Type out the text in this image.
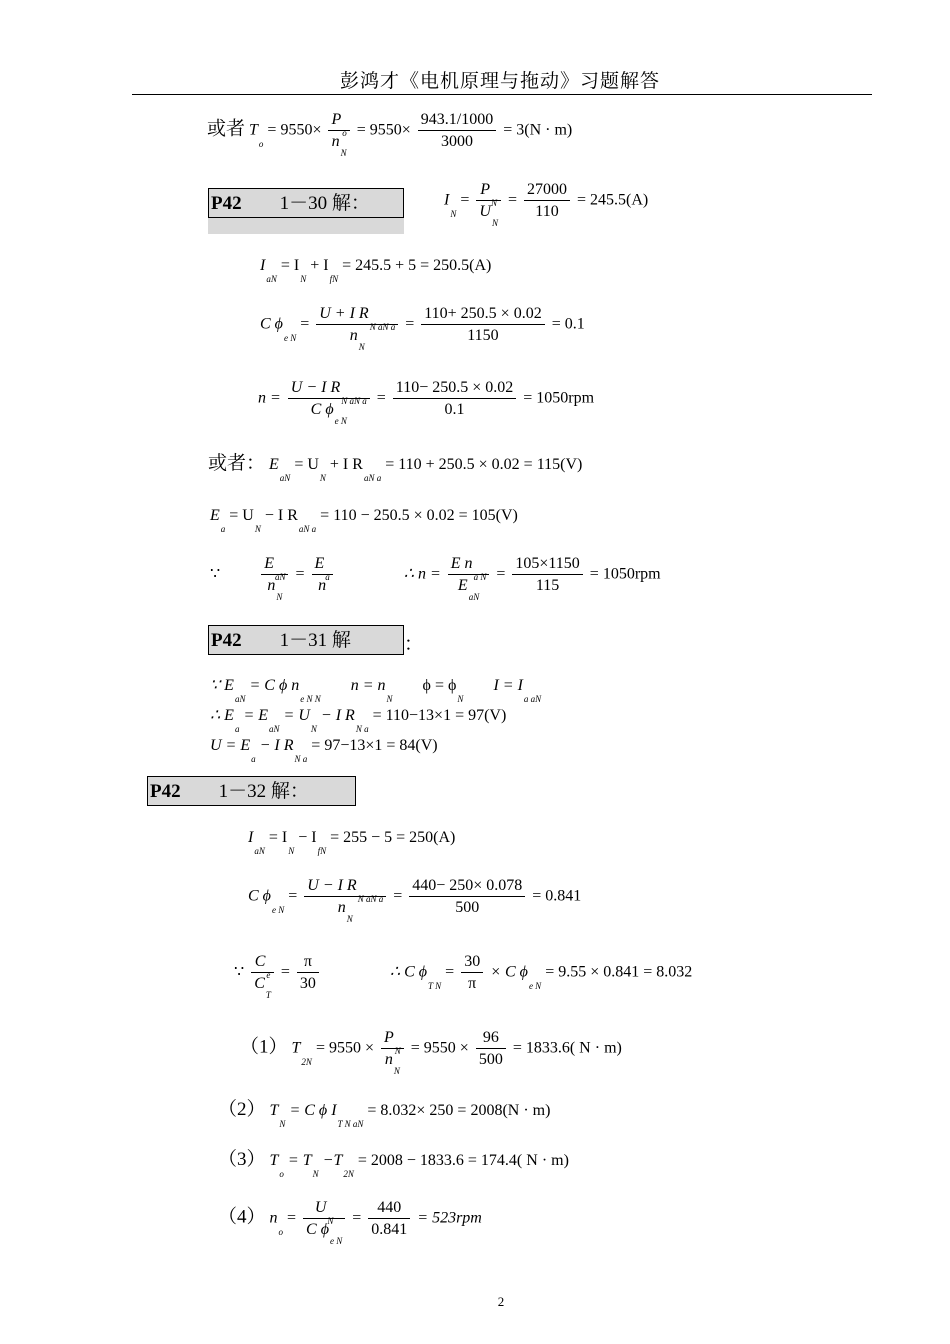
彭鸿才《电机原理与拖动》习题解答
或者 $T_o = 9550\times \frac{P_o}{n_N} = 9550\times \frac{943.1/1000}{3000} = 3(N \cdot m)$
P42 1－30 解：	$I_N = \frac{P_N}{U_N} = \frac{27000}{110} = 245.5(A)$
$I_{aN} = I_N + I_{fN} = 245.5 + 5 = 250.5(A)$
C $\phi_{e N} = \frac{U + I R_{N aN a}}{n_N} = \frac{110+ 250.5 \times 0.02}{1150} = 0.1$
$n = \frac{U - I R_{N aN a}}{C \phi_{e N}} = \frac{110- 250.5 \times 0.02}{0.1} = 1050rpm$
或者： $E_{aN} = U_N + I$ $R_{aN a} = 110 + 250.5 \times 0.02 = 115(V)$
$E_a = U_N - I$ $R_{aN a} = 110 - 250.5 \times 0.02 = 105(V)$
∵	$\frac{E_{aN}}{n_N} = \frac{E_a}{n}$	∴ $n = \frac{E n_{a N}}{E_{aN}} = \frac{105\times 1150}{115} = 1050rpm$
P42 1－31 解	：
∵ $E_{aN} = C$ ϕ $n_{e N N}$  $n = n_N$  $\phi = \phi_N$  $I = I_{a aN}$
∴ $E_a = E_{aN} = U_N - I$ $R_{N a} = 110-13\times 1 = 97(V)$
$U = E_a - I$ $R_{N a} = 97-13\times 1 = 84(V)$
P42 1－32 解：
$I_{aN} = I_N - I_{fN} = 255 - 5 = 250(A)$
C $\phi_{e N} = \frac{U - I R_{N aN a}}{n_N} = \frac{440- 250\times 0.078}{500} = 0.841$
∵ $\frac{C_e}{C_T} = \frac{\pi}{30}$	∴ C $\phi_{T N} = \frac{30}{\pi} \times C$ $\phi_{e N} = 9.55 \times 0.841 = 8.032$
（1） $T_{2N} = 9550 \times \frac{P_N}{n_N} = 9550 \times \frac{96}{500} = 1833.6$( N · m)
（2） $T_N = C$ ϕ $I_{T N aN} = 8.032\times 250 = 2008(N \cdot m)$
（3） $T_o = T_N -T_{2N} = 2008 - 1833.6 = 174.4$( N · m)
（4） $n_o = \frac{U_N}{C \phi_{e N}} = \frac{440}{0.841} = 523rpm$
2
